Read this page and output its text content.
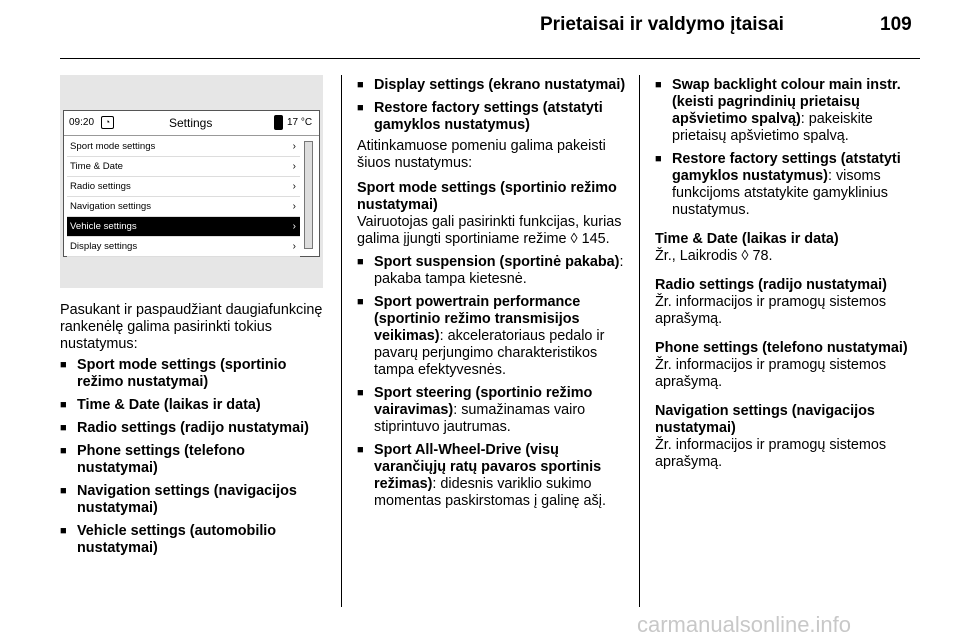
Prietaisai ir valdymo įtaisai	109
09:20	◔	Settings	17 °C
Sport mode settings	›
Time & Date	›
Radio settings	›
Navigation settings	›
Vehicle settings	›
Display settings	›

Pasukant ir paspaudžiant daugiafunkcinę rankenėlę galima pasirinkti tokius nustatymus:

■ Sport mode settings (sportinio režimo nustatymai)

■ Time & Date (laikas ir data)

■ Radio settings (radijo nustatymai)

■ Phone settings (telefono nustatymai)

■ Navigation settings (navigacijos nustatymai)

■ Vehicle settings (automobilio nustatymai)

■ Display settings (ekrano nustatymai)

■ Restore factory settings (atstatyti gamyklos nustatymus)

Atitinkamuose pomeniu galima pakeisti šiuos nustatymus:

Sport mode settings (sportinio režimo nustatymai)

Vairuotojas gali pasirinkti funkcijas, kurias galima įjungti sportiniame režime ◊ 145.

■ Sport suspension (sportinė pakaba): pakaba tampa kietesnė.

■ Sport powertrain performance (sportinio režimo transmisijos veikimas): akceleratoriaus pedalo ir pavarų perjungimo charakteristikos tampa efektyvesnės.

■ Sport steering (sportinio režimo vairavimas): sumažinamas vairo stiprintuvo jautrumas.

■ Sport All-Wheel-Drive (visų varančiųjų ratų pavaros sportinis režimas): didesnis variklio sukimo momentas paskirstomas į galinę ašį.

■ Swap backlight colour main instr. (keisti pagrindinių prietaisų apšvietimo spalvą): pakeiskite prietaisų apšvietimo spalvą.

■ Restore factory settings (atstatyti gamyklos nustatymus): visoms funkcijoms atstatykite gamyklinius nustatymus.

Time & Date (laikas ir data)

Žr., Laikrodis ◊ 78.

Radio settings (radijo nustatymai)

Žr. informacijos ir pramogų sistemos aprašymą.

Phone settings (telefono nustatymai)

Žr. informacijos ir pramogų sistemos aprašymą.

Navigation settings (navigacijos nustatymai)

Žr. informacijos ir pramogų sistemos aprašymą.

carmanualsonline.info
